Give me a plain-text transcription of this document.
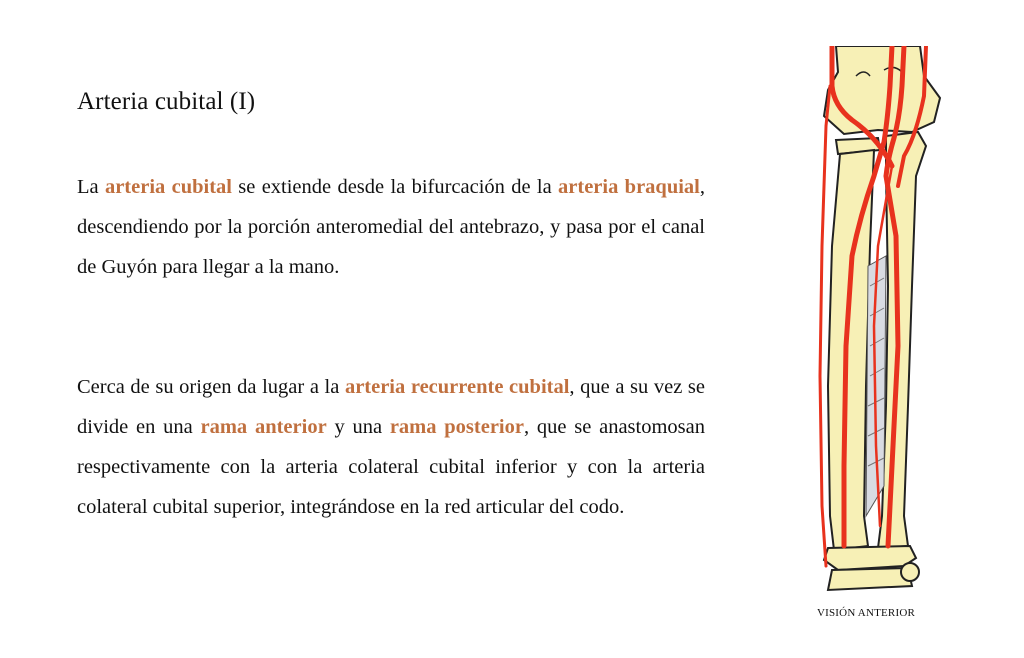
Arteria cubital (I)

La arteria cubital se extiende desde la bifurcación de la arteria braquial, descendiendo por la porción anteromedial del antebrazo, y pasa por el canal de Guyón para llegar a la mano.

Cerca de su origen da lugar a la arteria recurrente cubital, que a su vez se divide en una rama anterior y una rama posterior, que se anastomosan respectivamente con la arteria colateral cubital inferior y con la arteria colateral cubital superior, integrándose en la red articular del codo.

VISIÓN ANTERIOR
